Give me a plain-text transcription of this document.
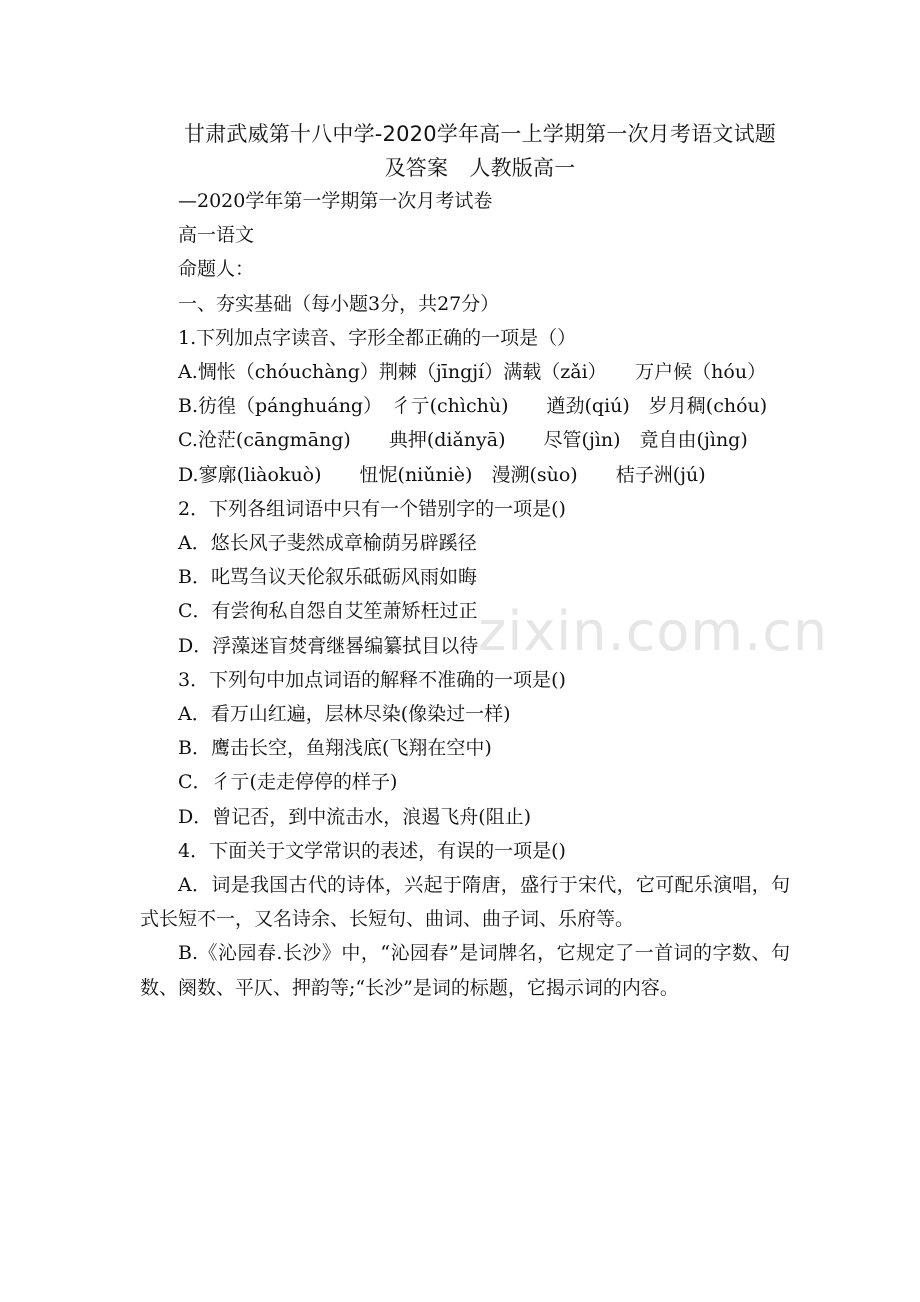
甘肃武威第十八中学-2020学年高一上学期第一次月考语文试题
及答案　人教版高一

—2020学年第一学期第一次月考试卷

高一语文

命题人：

一、夯实基础（每小题3分，共27分）

1.下列加点字读音、字形全都正确的一项是（）

A.惆怅（chóuchàng）荆棘（jīngjí）满载（zǎi）　　万户候（hóu）

B.彷徨（pánghuáng）　彳亍(chìchù)　　遒劲(qiú)　岁月稠(chóu)

C.沧茫(cāngmāng)　　典押(diǎnyā)　　尽管(jìn)　竟自由(jìng)

D.寥廓(liàokuò)　　忸怩(niǔniè)　漫溯(sùo)　　桔子洲(jú)

2．下列各组词语中只有一个错别字的一项是()

A．悠长风子斐然成章榆荫另辟蹊径

B．叱骂刍议天伦叙乐砥砺风雨如晦

C．有尝徇私自怨自艾笙萧矫枉过正

D．浮藻迷盲焚膏继晷编纂拭目以待

3．下列句中加点词语的解释不准确的一项是()

A．看万山红遍，层林尽染(像染过一样)

B．鹰击长空，鱼翔浅底(飞翔在空中)

C．彳亍(走走停停的样子)

D．曾记否，到中流击水，浪遏飞舟(阻止)

4．下面关于文学常识的表述，有误的一项是()

A．词是我国古代的诗体，兴起于隋唐，盛行于宋代，它可配乐演唱，句式长短不一，又名诗余、长短句、曲词、曲子词、乐府等。

B.《沁园春.长沙》中，“沁园春”是词牌名，它规定了一首词的字数、句数、阕数、平仄、押韵等;“长沙”是词的标题，它揭示词的内容。

zixin.com.cn
